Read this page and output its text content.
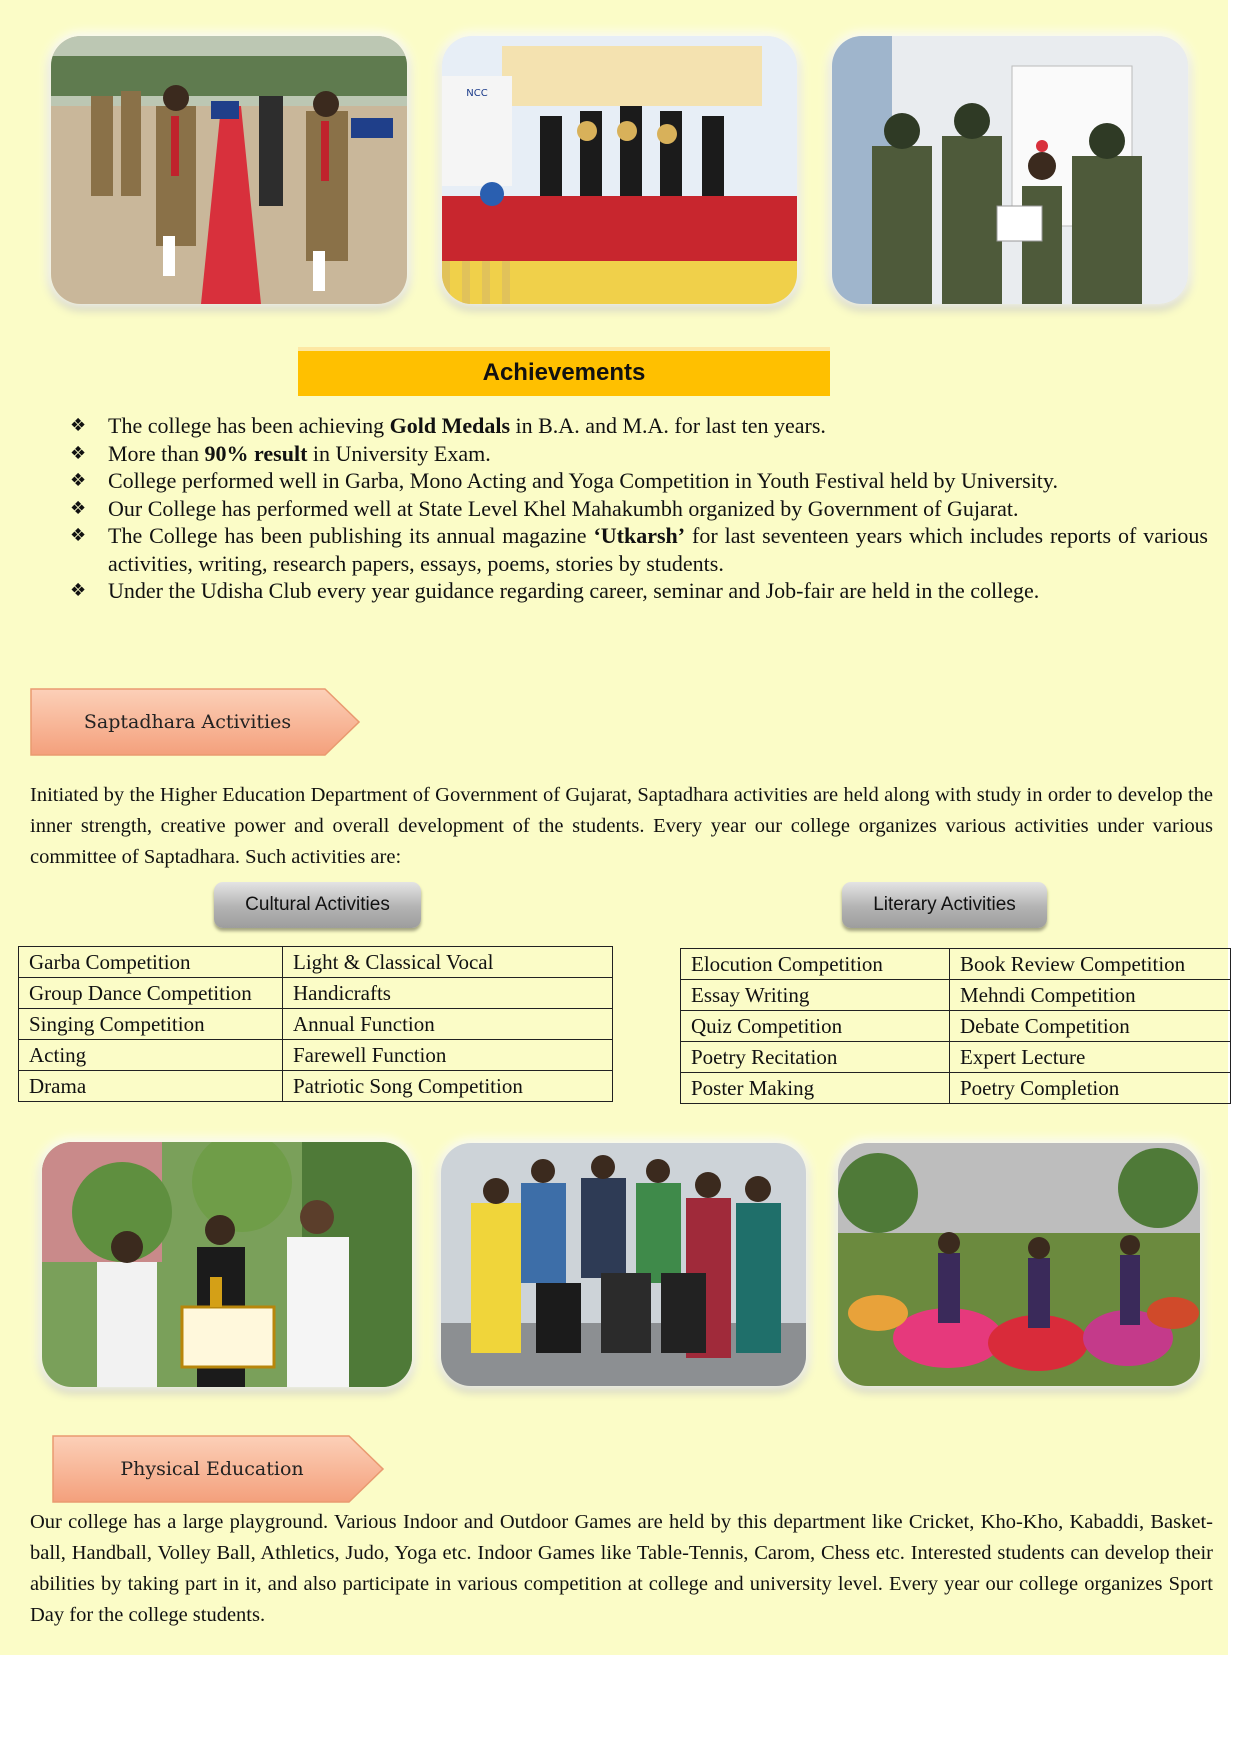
NCC
Achievements
❖ The college has been achieving Gold Medals in B.A. and M.A. for last ten years.
❖ More than 90% result in University Exam.
❖ College performed well in Garba, Mono Acting and Yoga Competition in Youth Festival held by University.
❖ Our College has performed well at State Level Khel Mahakumbh organized by Government of Gujarat.
❖ The College has been publishing its annual magazine ‘Utkarsh’ for last seventeen years which includes reports of various activities, writing, research papers, essays, poems, stories by students.
❖ Under the Udisha Club every year guidance regarding career, seminar and Job-fair are held in the college.
Saptadhara Activities
Initiated by the Higher Education Department of Government of Gujarat, Saptadhara activities are held along with study in order to develop the inner strength, creative power and overall development of the students. Every year our college organizes various activities under various committee of Saptadhara. Such activities are:
Cultural Activities	Literary Activities
Garba Competition	Light & Classical Vocal
Group Dance Competition	Handicrafts
Singing Competition	Annual Function
Acting	Farewell Function
Drama	Patriotic Song Competition
Elocution Competition	Book Review Competition
Essay Writing	Mehndi Competition
Quiz Competition	Debate Competition
Poetry Recitation	Expert Lecture
Poster Making	Poetry Completion
Physical Education
Our college has a large playground. Various Indoor and Outdoor Games are held by this department like Cricket, Kho-Kho, Kabaddi, Basket-ball, Handball, Volley Ball, Athletics, Judo, Yoga etc. Indoor Games like Table-Tennis, Carom, Chess etc. Interested students can develop their abilities by taking part in it, and also participate in various competition at college and university level. Every year our college organizes Sport Day for the college students.
